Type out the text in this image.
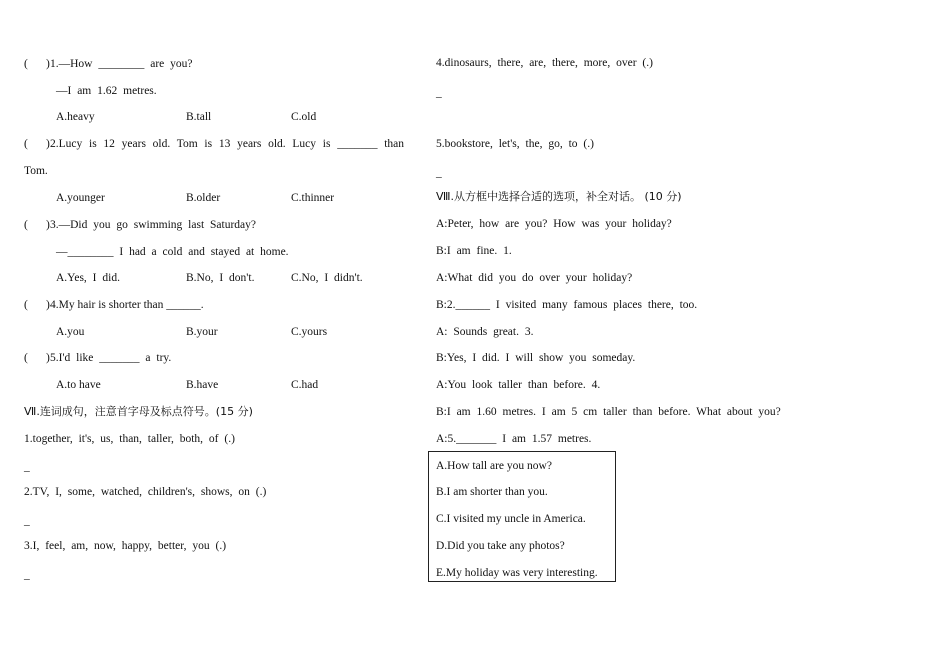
( ) 1.—How ________ are you?
—I am 1.62 metres.
A.heavy	B.tall	C.old
( ) 2.Lucy is 12 years old. Tom is 13 years old. Lucy is _______ than
Tom.
A.younger	B.older	C.thinner
( ) 3.—Did you go swimming last Saturday?
—________ I had a cold and stayed at home.
A.Yes, I did.	B.No, I don't.	C.No, I didn't.
( ) 4.My hair is shorter than ______.
A.you	B.your	C.yours
( ) 5.I'd like _______ a try.
A.to have	B.have	C.had
Ⅶ.连词成句，注意首字母及标点符号。(15 分)
1.together, it's, us, than, taller, both, of (.)
_
2.TV, I, some, watched, children's, shows, on (.)
_
3.I, feel, am, now, happy, better, you (.)
_
4.dinosaurs, there, are, there, more, over (.)
_
5.bookstore, let's, the, go, to (.)
_
Ⅷ.从方框中选择合适的选项，补全对话。 (10 分)
A:Peter, how are you? How was your holiday?
B:I am fine. 1.
A:What did you do over your holiday?
B:2.______ I visited many famous places there, too.
A: Sounds great. 3.
B:Yes, I did. I will show you someday.
A:You look taller than before. 4.
B:I am 1.60 metres. I am 5 cm taller than before. What about you?
A:5._______ I am 1.57 metres.
A.How tall are you now?
B.I am shorter than you.
C.I visited my uncle in America.
D.Did you take any photos?
E.My holiday was very interesting.
